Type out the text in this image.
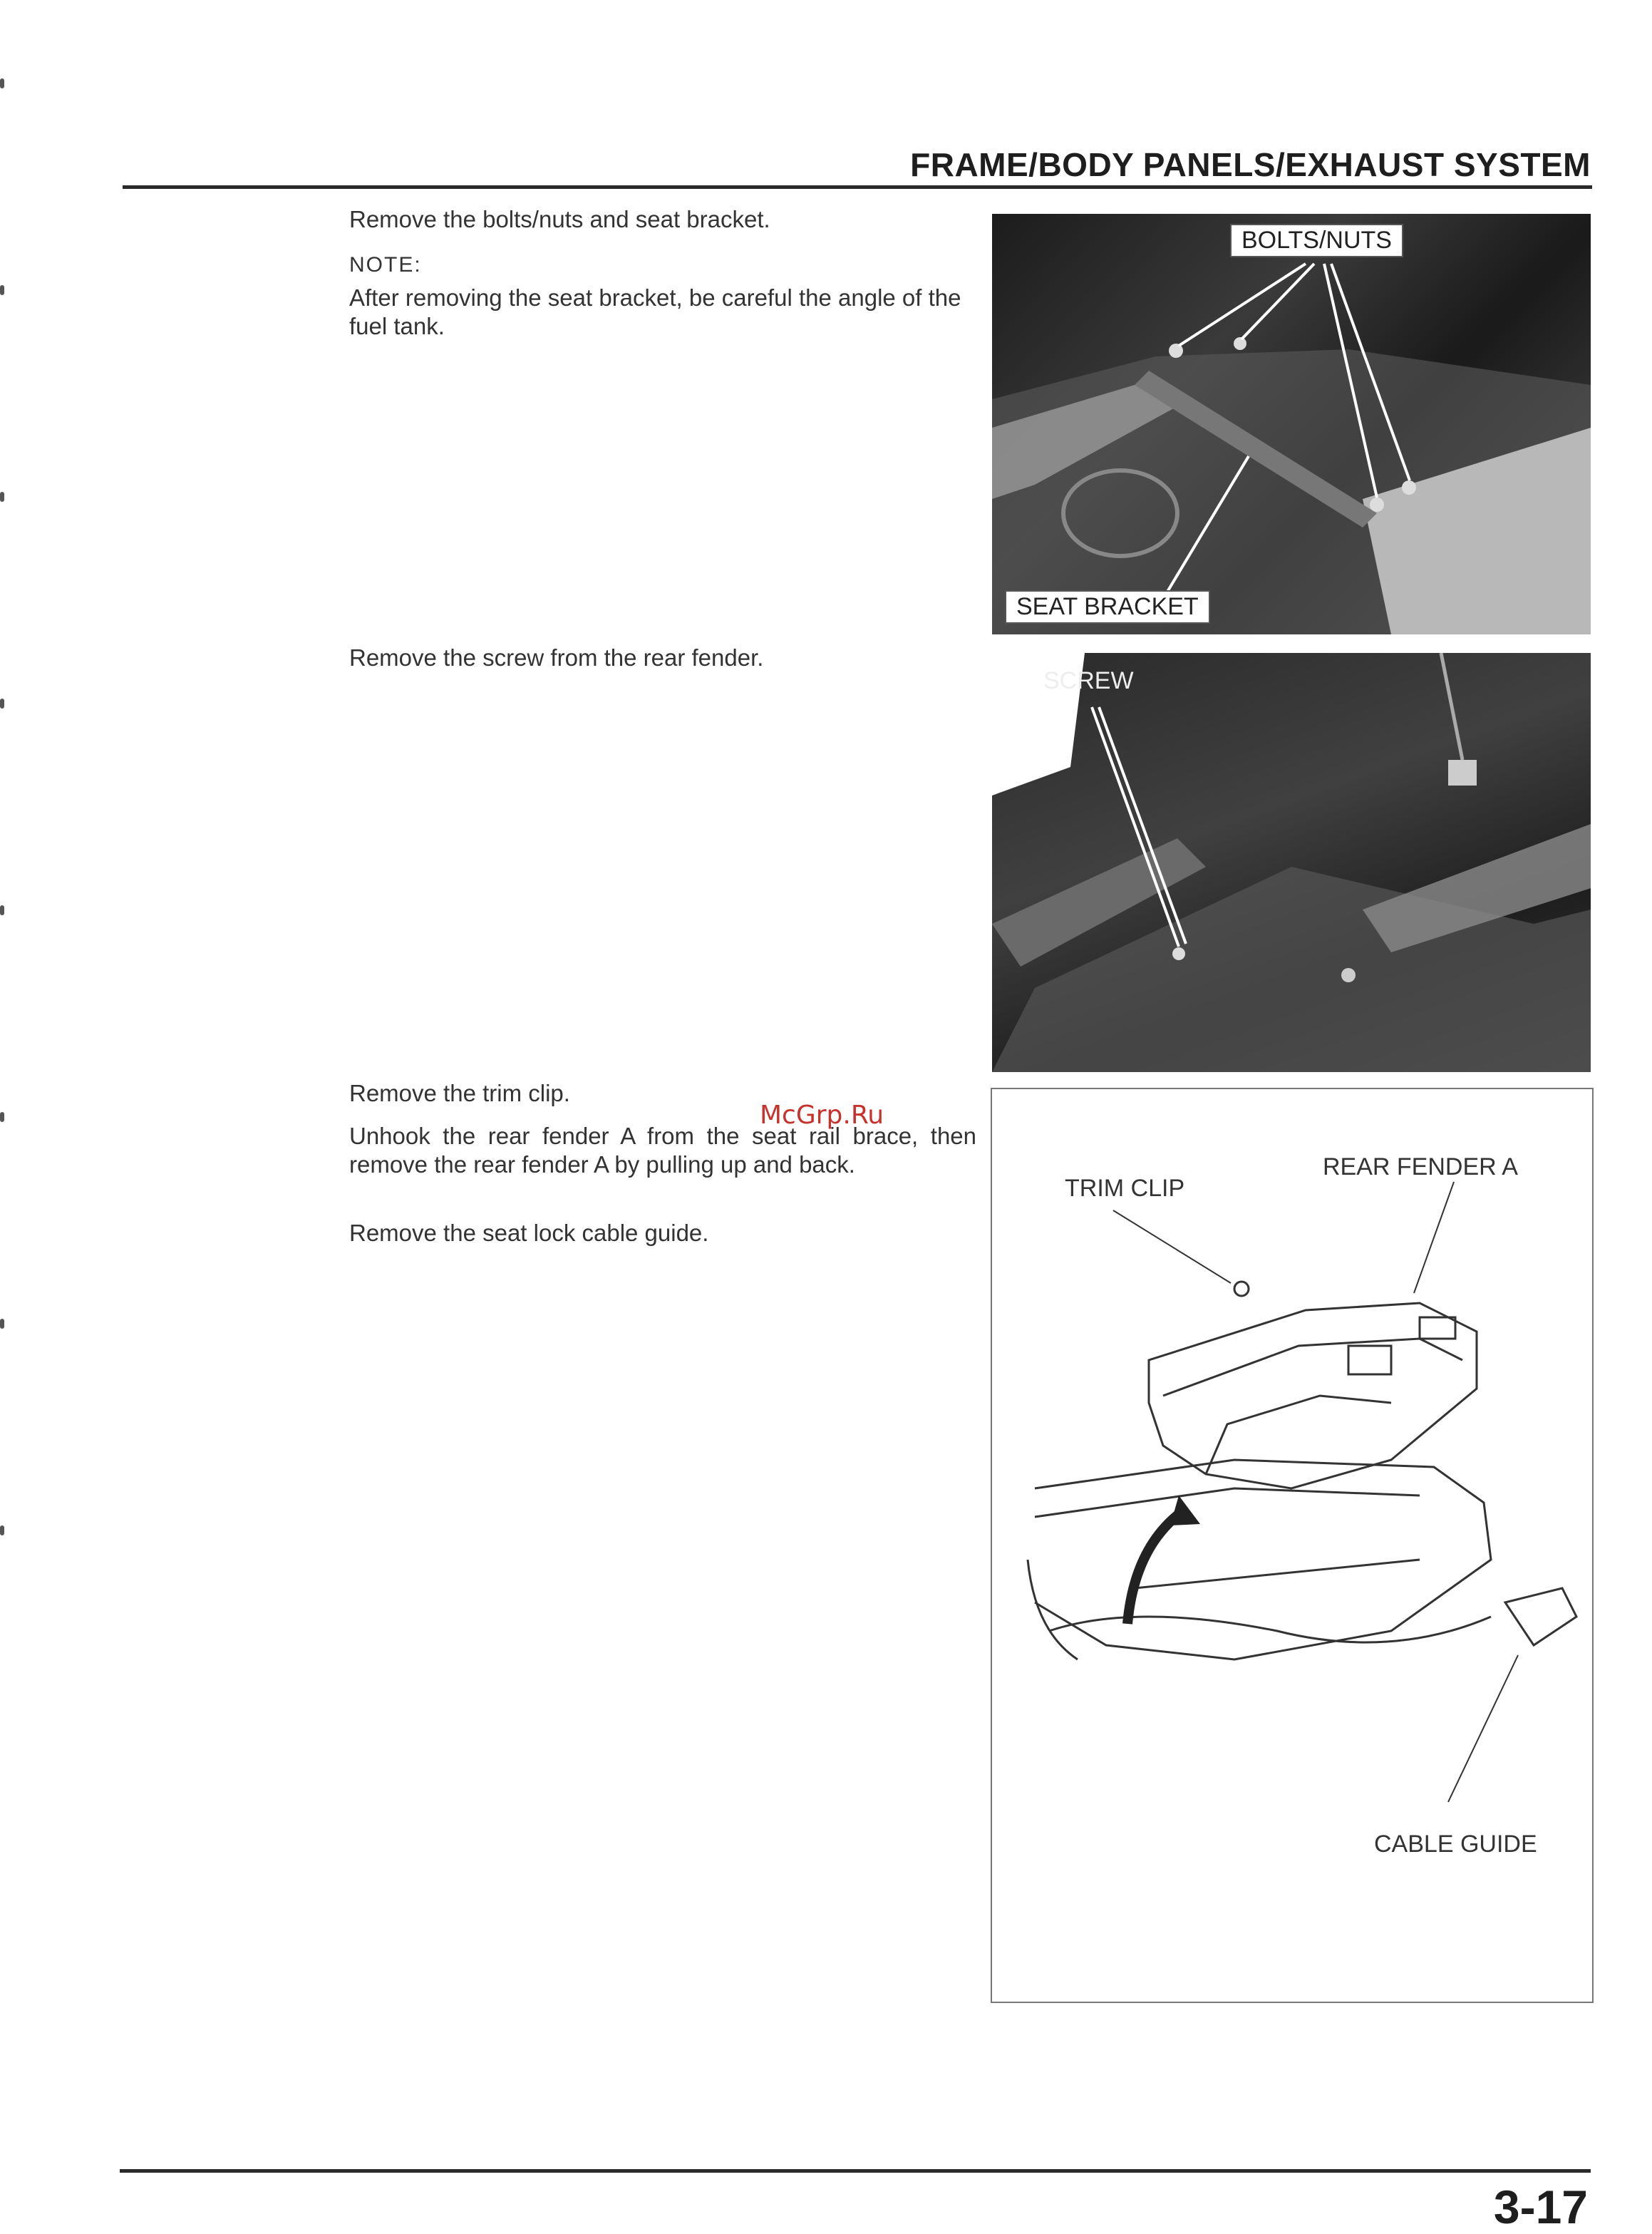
FRAME/BODY PANELS/EXHAUST SYSTEM
Remove the bolts/nuts and seat bracket.
NOTE:
After removing the seat bracket, be careful the angle of the fuel tank.
BOLTS/NUTS
SEAT BRACKET
Remove the screw from the rear fender.
SCREW
Remove the trim clip.
Unhook the rear fender A from the seat rail brace, then remove the rear fender A by pulling up and back.
Remove the seat lock cable guide.
TRIM CLIP
REAR FENDER A
CABLE GUIDE
McGrp.Ru
3-17
